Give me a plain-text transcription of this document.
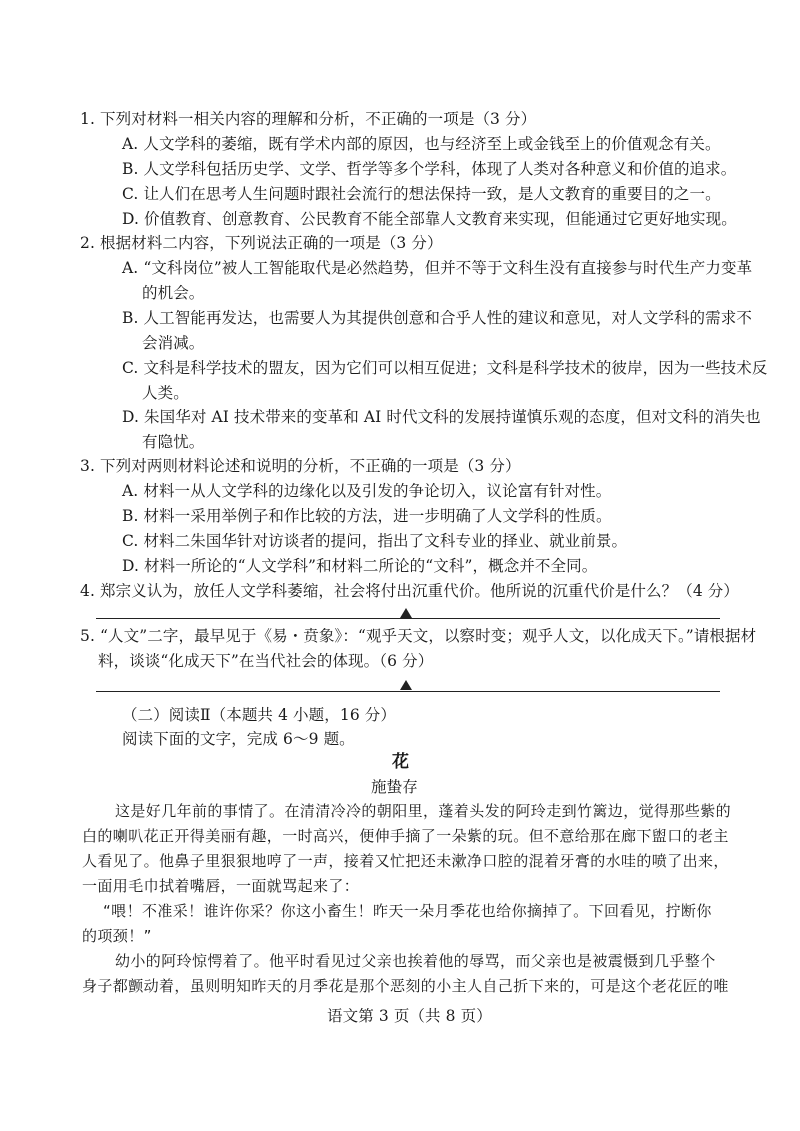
1. 下列对材料一相关内容的理解和分析，不正确的一项是（3 分）
A. 人文学科的萎缩，既有学术内部的原因，也与经济至上或金钱至上的价值观念有关。
B. 人文学科包括历史学、文学、哲学等多个学科，体现了人类对各种意义和价值的追求。
C. 让人们在思考人生问题时跟社会流行的想法保持一致，是人文教育的重要目的之一。
D. 价值教育、创意教育、公民教育不能全部靠人文教育来实现，但能通过它更好地实现。
2. 根据材料二内容，下列说法正确的一项是（3 分）
A. “文科岗位”被人工智能取代是必然趋势，但并不等于文科生没有直接参与时代生产力变革
的机会。
B. 人工智能再发达，也需要人为其提供创意和合乎人性的建议和意见，对人文学科的需求不
会消减。
C. 文科是科学技术的盟友，因为它们可以相互促进；文科是科学技术的彼岸，因为一些技术反
人类。
D. 朱国华对 AI 技术带来的变革和 AI 时代文科的发展持谨慎乐观的态度，但对文科的消失也
有隐忧。
3. 下列对两则材料论述和说明的分析，不正确的一项是（3 分）
A. 材料一从人文学科的边缘化以及引发的争论切入，议论富有针对性。
B. 材料一采用举例子和作比较的方法，进一步明确了人文学科的性质。
C. 材料二朱国华针对访谈者的提问，指出了文科专业的择业、就业前景。
D. 材料一所论的“人文学科”和材料二所论的“文科”，概念并不全同。
4. 郑宗义认为，放任人文学科萎缩，社会将付出沉重代价。他所说的沉重代价是什么？（4 分）
5. “人文”二字，最早见于《易・贲象》：“观乎天文，以察时变；观乎人文，以化成天下。”请根据材
料，谈谈“化成天下”在当代社会的体现。（6 分）
（二）阅读Ⅱ（本题共 4 小题，16 分）
阅读下面的文字，完成 6～9 题。
花
施蛰存
这是好几年前的事情了。在清清冷冷的朝阳里，蓬着头发的阿玲走到竹篱边，觉得那些紫的
白的喇叭花正开得美丽有趣，一时高兴，便伸手摘了一朵紫的玩。但不意给那在廊下盥口的老主
人看见了。他鼻子里狠狠地哼了一声，接着又忙把还未漱净口腔的混着牙膏的水哇的喷了出来，
一面用毛巾拭着嘴唇，一面就骂起来了：
“喂！不准采！谁许你采？你这小畜生！昨天一朵月季花也给你摘掉了。下回看见，拧断你
的项颈！”
幼小的阿玲惊愕着了。他平时看见过父亲也挨着他的辱骂，而父亲也是被震慑到几乎整个
身子都颤动着，虽则明知昨天的月季花是那个恶刻的小主人自己折下来的，可是这个老花匠的唯
语文第 3 页（共 8 页）
